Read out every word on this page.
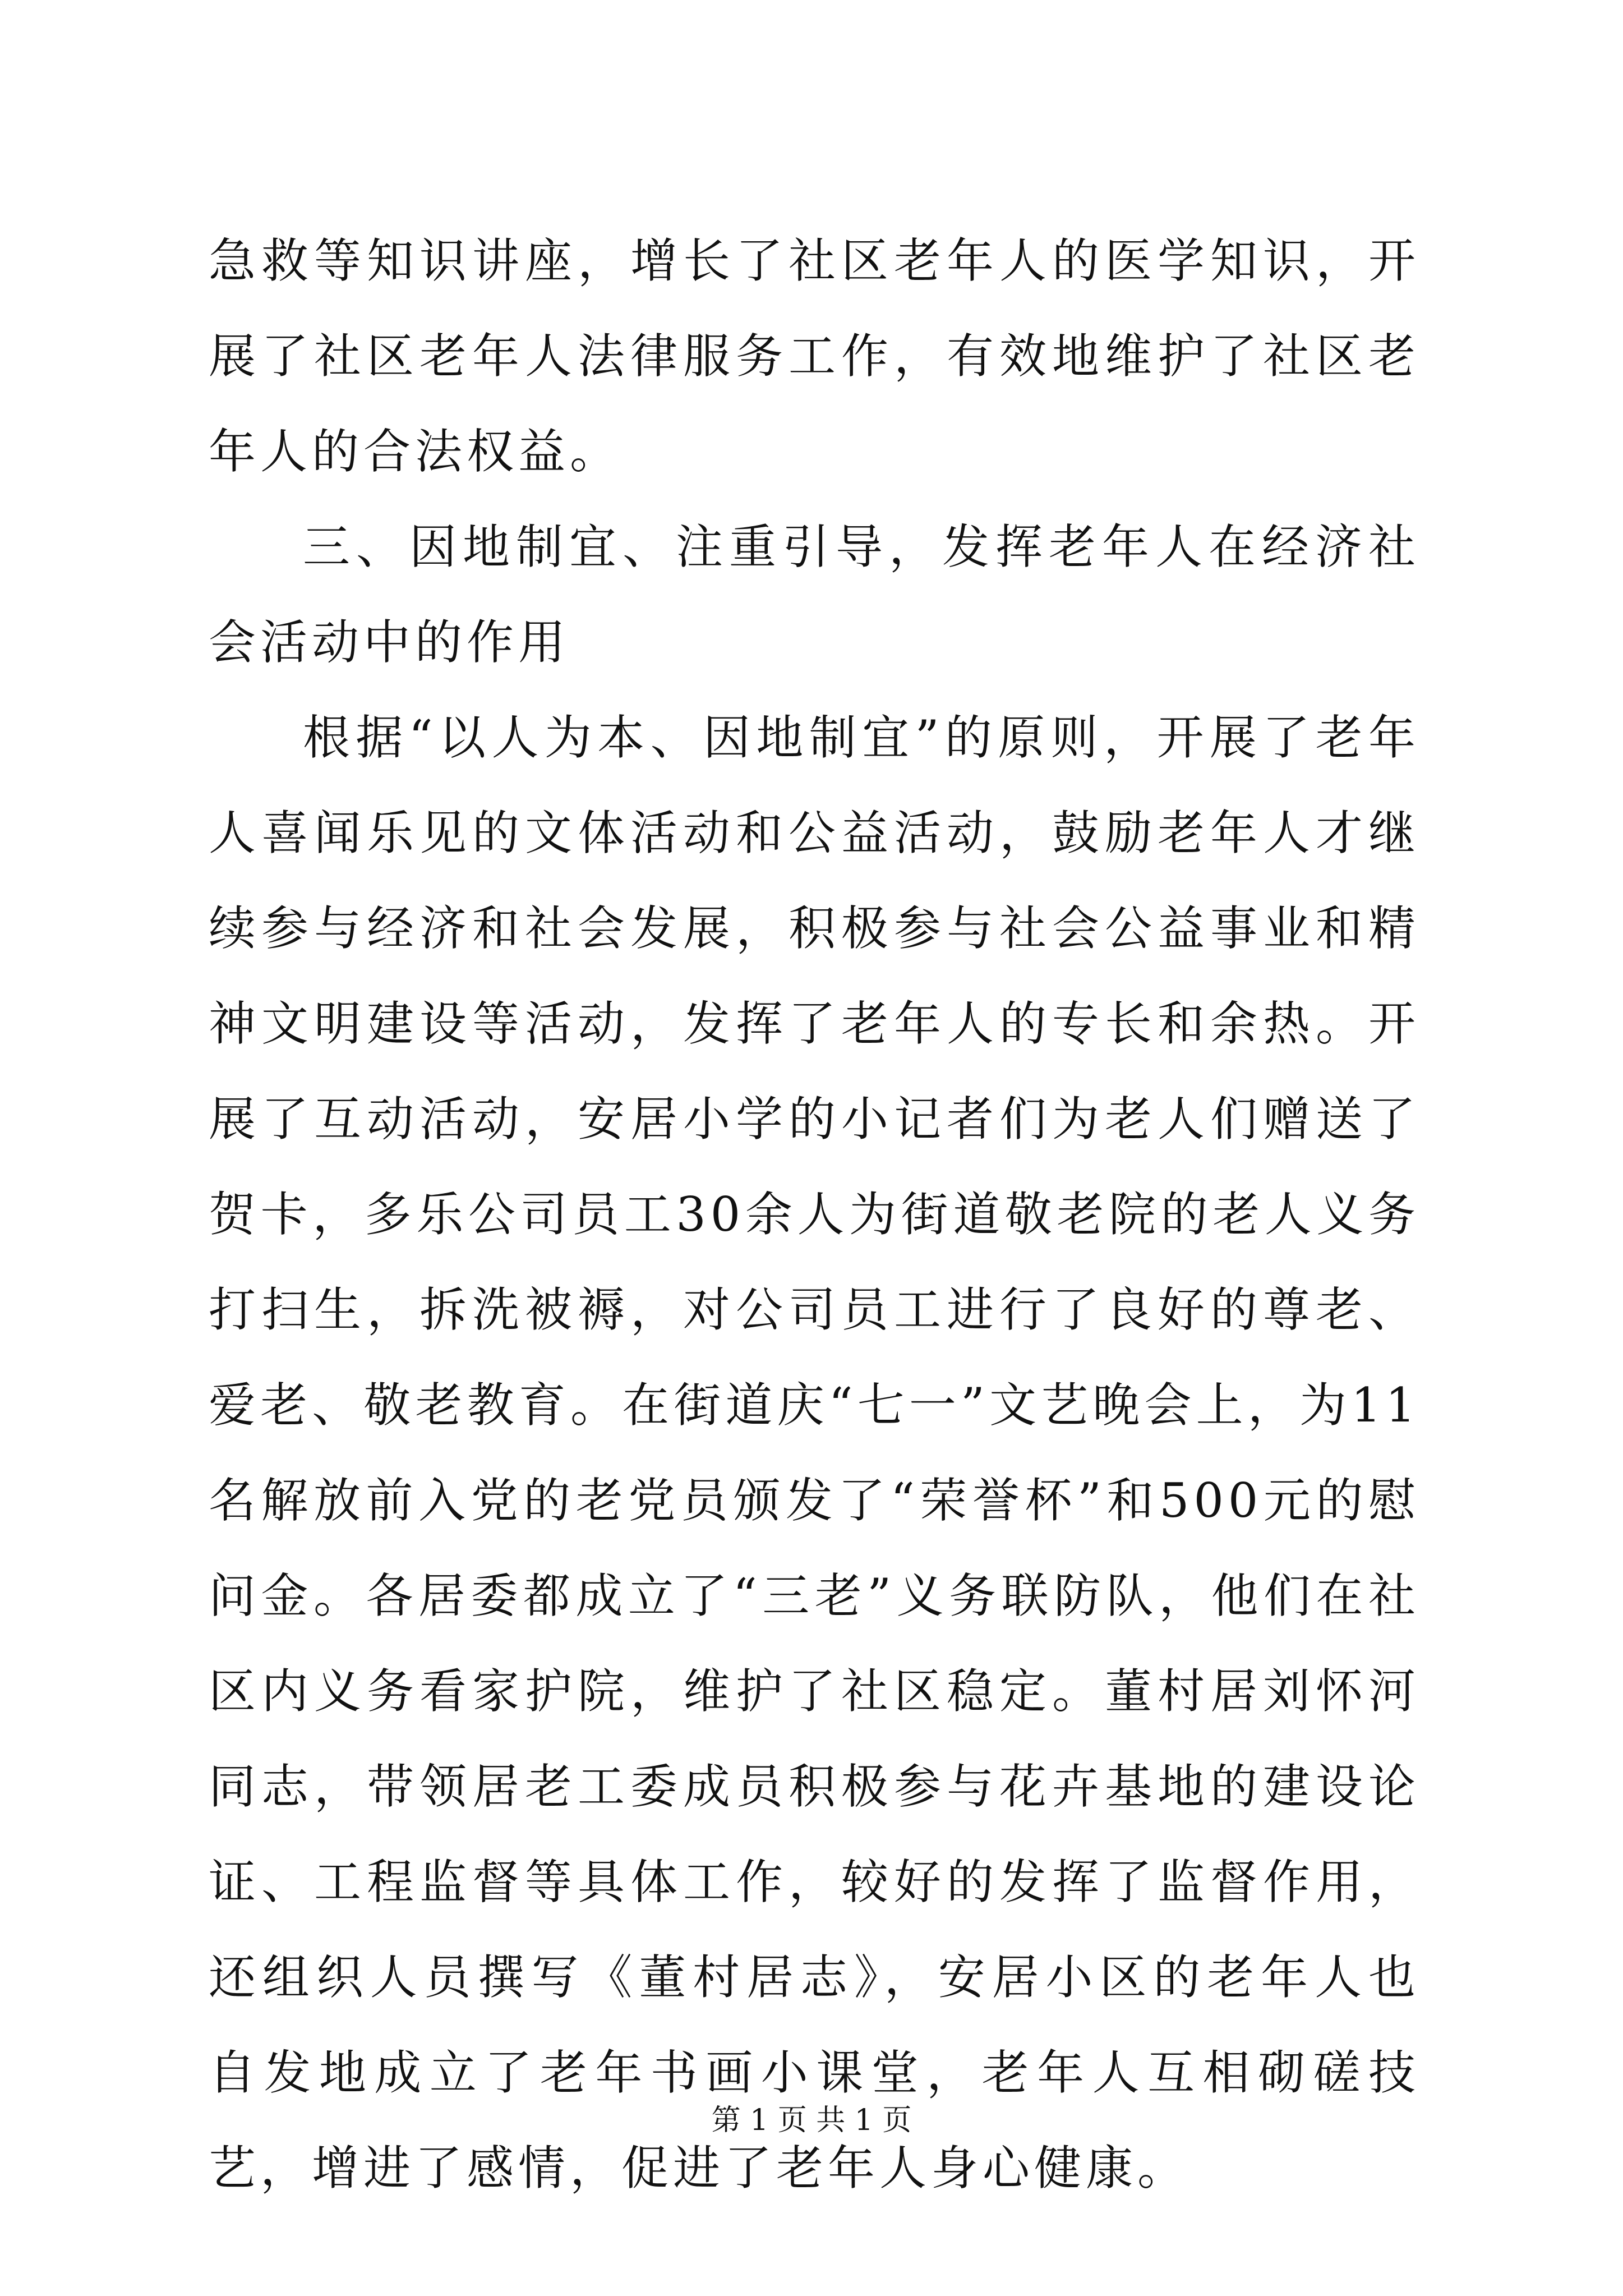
急救等知识讲座，增长了社区老年人的医学知识，开展了社区老年人法律服务工作，有效地维护了社区老年人的合法权益。

三、因地制宜、注重引导，发挥老年人在经济社会活动中的作用

根据“以人为本、因地制宜”的原则，开展了老年人喜闻乐见的文体活动和公益活动，鼓励老年人才继续参与经济和社会发展，积极参与社会公益事业和精神文明建设等活动，发挥了老年人的专长和余热。开展了互动活动，安居小学的小记者们为老人们赠送了贺卡，多乐公司员工30余人为街道敬老院的老人义务打扫生，拆洗被褥，对公司员工进行了良好的尊老、爱老、敬老教育。在街道庆“七一”文艺晚会上，为11名解放前入党的老党员颁发了“荣誉杯”和500元的慰问金。各居委都成立了“三老”义务联防队，他们在社区内义务看家护院，维护了社区稳定。董村居刘怀河同志，带领居老工委成员积极参与花卉基地的建设论证、工程监督等具体工作，较好的发挥了监督作用，还组织人员撰写《董村居志》，安居小区的老年人也自发地成立了老年书画小课堂，老年人互相砌磋技艺，增进了感情，促进了老年人身心健康。

第 1 页 共 1 页
